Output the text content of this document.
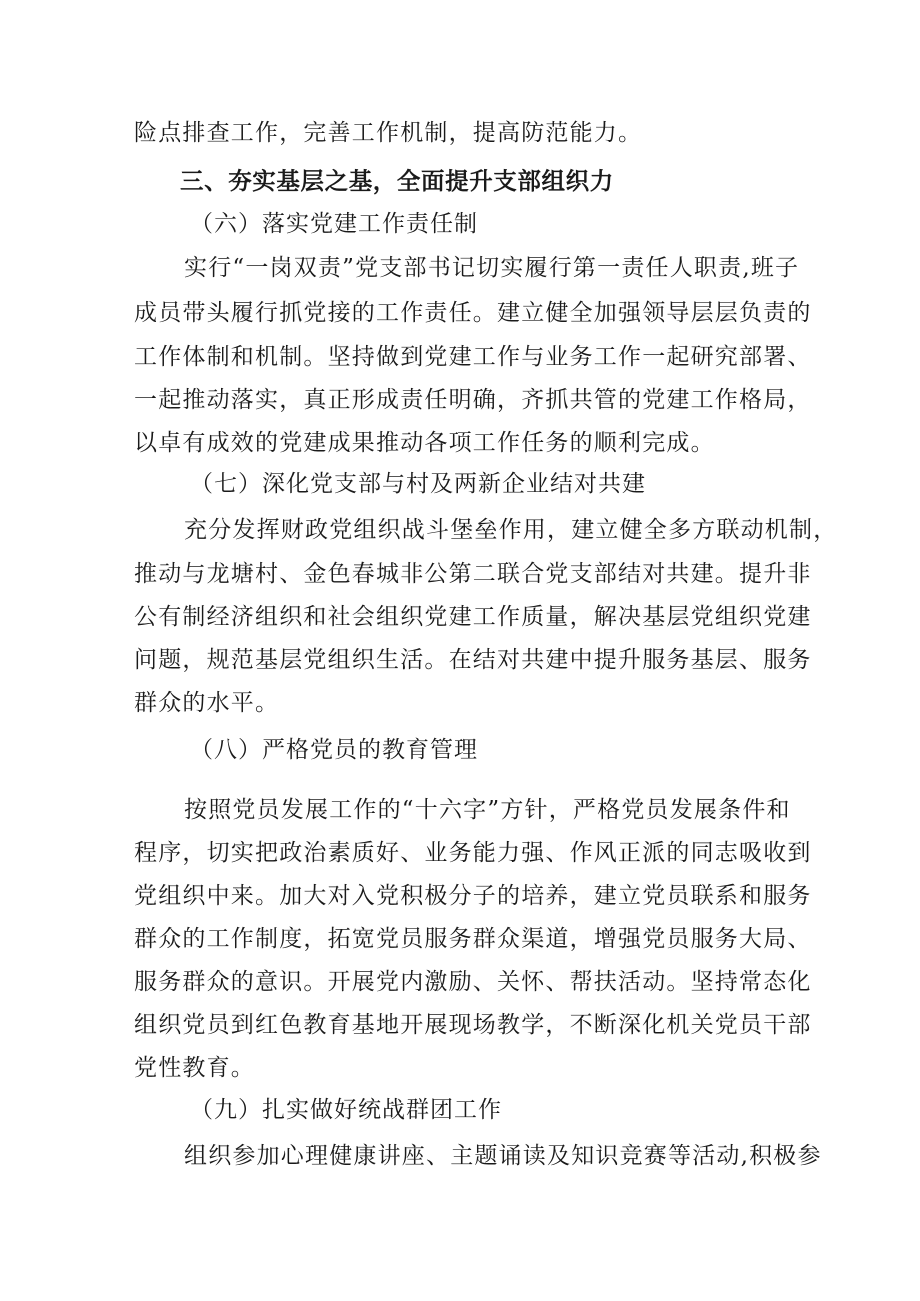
险点排查工作，完善工作机制，提高防范能力。
三、夯实基层之基，全面提升支部组织力
（六）落实党建工作责任制
实行“一岗双责”党支部书记切实履行第一责任人职责,班子
成员带头履行抓党接的工作责任。建立健全加强领导层层负责的
工作体制和机制。坚持做到党建工作与业务工作一起研究部署、
一起推动落实，真正形成责任明确，齐抓共管的党建工作格局，
以卓有成效的党建成果推动各项工作任务的顺利完成。
（七）深化党支部与村及两新企业结对共建
充分发挥财政党组织战斗堡垒作用，建立健全多方联动机制，
推动与龙塘村、金色春城非公第二联合党支部结对共建。提升非
公有制经济组织和社会组织党建工作质量，解决基层党组织党建
问题，规范基层党组织生活。在结对共建中提升服务基层、服务
群众的水平。
（八）严格党员的教育管理
按照党员发展工作的“十六字”方针，严格党员发展条件和
程序，切实把政治素质好、业务能力强、作风正派的同志吸收到
党组织中来。加大对入党积极分子的培养，建立党员联系和服务
群众的工作制度，拓宽党员服务群众渠道，增强党员服务大局、
服务群众的意识。开展党内激励、关怀、帮扶活动。坚持常态化
组织党员到红色教育基地开展现场教学，不断深化机关党员干部
党性教育。
（九）扎实做好统战群团工作
组织参加心理健康讲座、主题诵读及知识竞赛等活动,积极参
